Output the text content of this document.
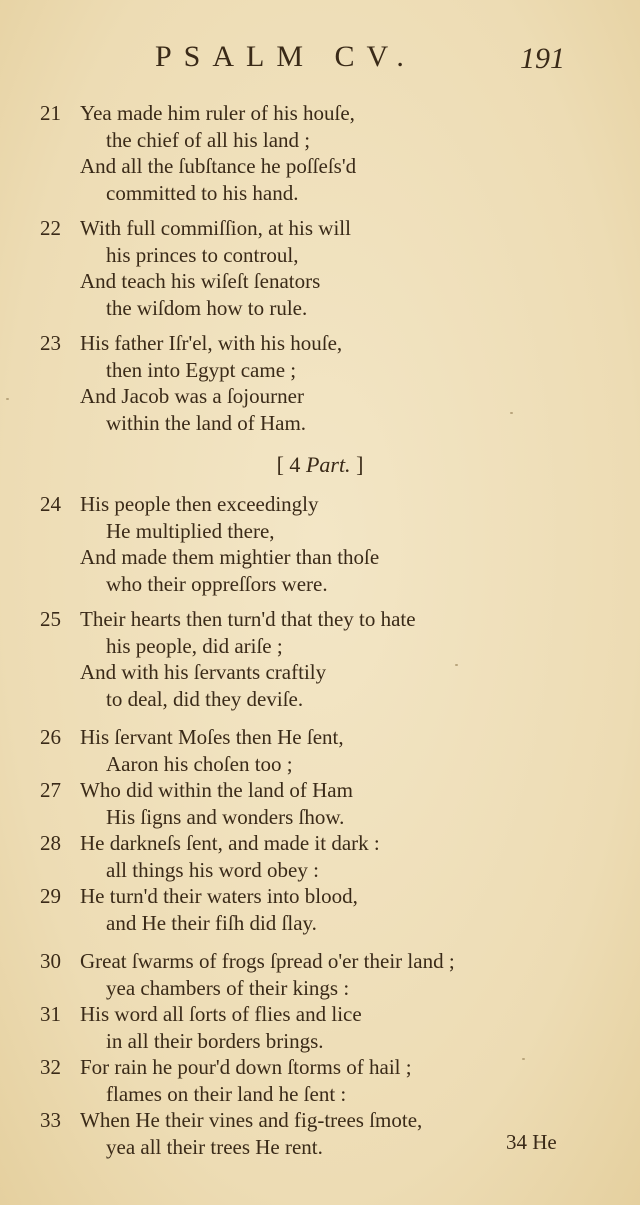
PSALM CV.	191
21 Yea made him ruler of his houſe,
the chief of all his land ;
And all the ſubſtance he poſſeſs'd
committed to his hand.
22 With full commiſſion, at his will
his princes to controul,
And teach his wiſeſt ſenators
the wiſdom how to rule.
23 His father Iſr'el, with his houſe,
then into Egypt came ;
And Jacob was a ſojourner
within the land of Ham.
[ 4 Part. ]
24 His people then exceedingly
He multiplied there,
And made them mightier than thoſe
who their oppreſſors were.
25 Their hearts then turn'd that they to hate
his people, did ariſe ;
And with his ſervants craftily
to deal, did they deviſe.
26 His ſervant Moſes then He ſent,
Aaron his choſen too ;
27 Who did within the land of Ham
His ſigns and wonders ſhow.
28 He darkneſs ſent, and made it dark :
all things his word obey :
29 He turn'd their waters into blood,
and He their fiſh did ſlay.
30 Great ſwarms of frogs ſpread o'er their land ;
yea chambers of their kings :
31 His word all ſorts of flies and lice
in all their borders brings.
32 For rain he pour'd down ſtorms of hail ;
flames on their land he ſent :
33 When He their vines and fig-trees ſmote,
yea all their trees He rent.	34 He
